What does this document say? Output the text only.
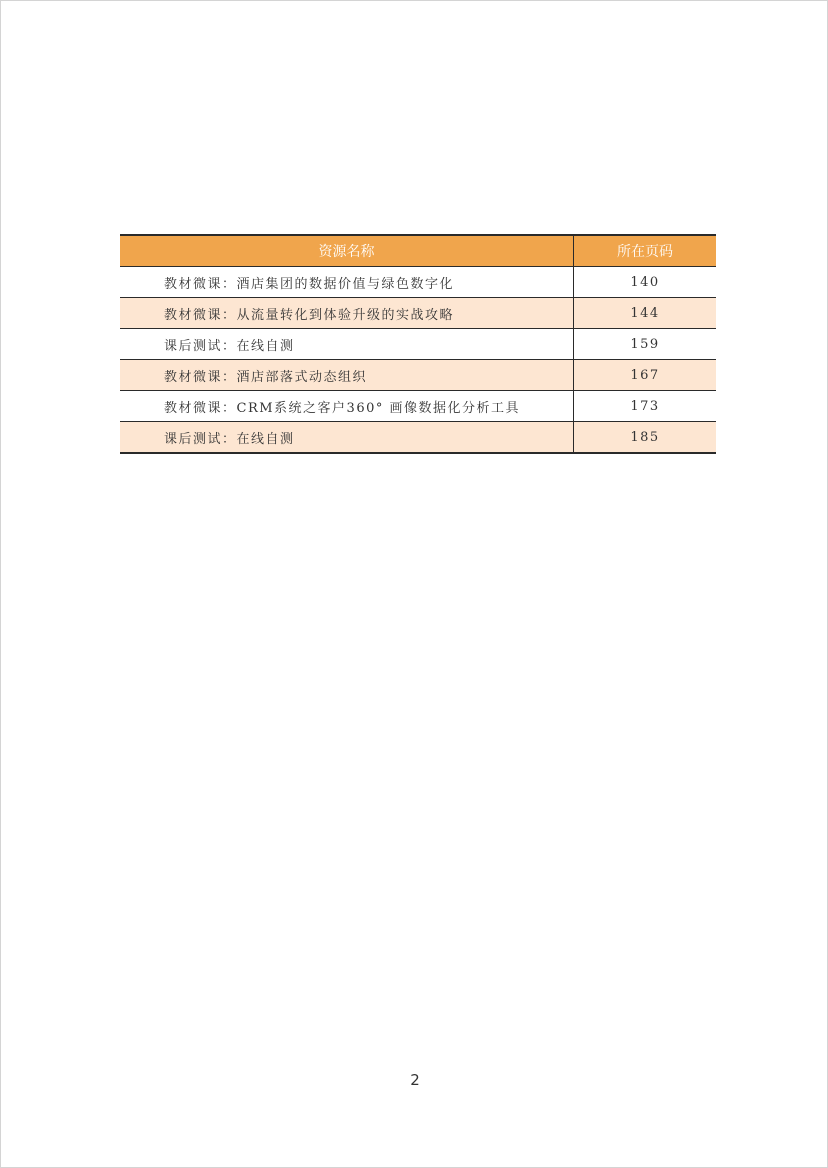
资源名称	所在页码
教材微课：酒店集团的数据价值与绿色数字化	140
教材微课：从流量转化到体验升级的实战攻略	144
课后测试：在线自测	159
教材微课：酒店部落式动态组织	167
教材微课：CRM系统之客户360° 画像数据化分析工具	173
课后测试：在线自测	185
2
